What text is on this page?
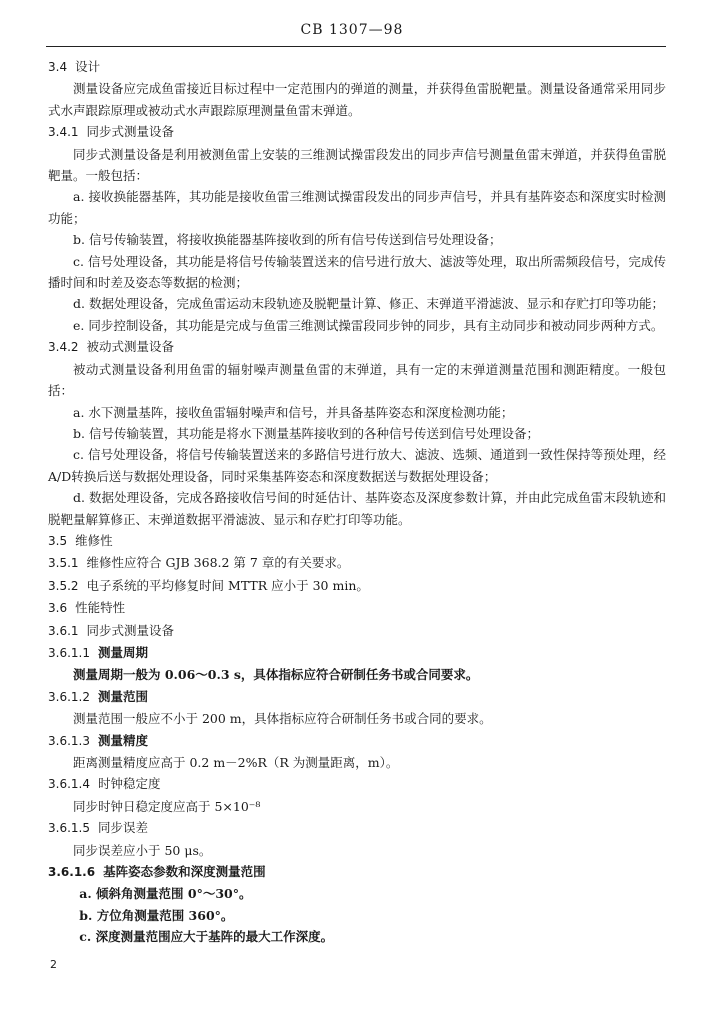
CB 1307—98

3.4 设计

测量设备应完成鱼雷接近目标过程中一定范围内的弹道的测量，并获得鱼雷脱靶量。测量设备通常采用同步式水声跟踪原理或被动式水声跟踪原理测量鱼雷末弹道。

3.4.1 同步式测量设备

同步式测量设备是利用被测鱼雷上安装的三维测试操雷段发出的同步声信号测量鱼雷末弹道，并获得鱼雷脱靶量。一般包括：

a. 接收换能器基阵，其功能是接收鱼雷三维测试操雷段发出的同步声信号，并具有基阵姿态和深度实时检测功能；

b. 信号传输装置，将接收换能器基阵接收到的所有信号传送到信号处理设备；

c. 信号处理设备，其功能是将信号传输装置送来的信号进行放大、滤波等处理，取出所需频段信号，完成传播时间和时差及姿态等数据的检测；

d. 数据处理设备，完成鱼雷运动末段轨迹及脱靶量计算、修正、末弹道平滑滤波、显示和存贮打印等功能；

e. 同步控制设备，其功能是完成与鱼雷三维测试操雷段同步钟的同步，具有主动同步和被动同步两种方式。

3.4.2 被动式测量设备

被动式测量设备利用鱼雷的辐射噪声测量鱼雷的末弹道，具有一定的末弹道测量范围和测距精度。一般包括：

a. 水下测量基阵，接收鱼雷辐射噪声和信号，并具备基阵姿态和深度检测功能；

b. 信号传输装置，其功能是将水下测量基阵接收到的各种信号传送到信号处理设备；

c. 信号处理设备，将信号传输装置送来的多路信号进行放大、滤波、选频、通道到一致性保持等预处理，经A/D转换后送与数据处理设备，同时采集基阵姿态和深度数据送与数据处理设备；

d. 数据处理设备，完成各路接收信号间的时延估计、基阵姿态及深度参数计算，并由此完成鱼雷末段轨迹和脱靶量解算修正、末弹道数据平滑滤波、显示和存贮打印等功能。

3.5 维修性

3.5.1 维修性应符合 GJB 368.2 第 7 章的有关要求。

3.5.2 电子系统的平均修复时间 MTTR 应小于 30 min。

3.6 性能特性

3.6.1 同步式测量设备

3.6.1.1 测量周期

测量周期一般为 0.06～0.3 s，具体指标应符合研制任务书或合同要求。

3.6.1.2 测量范围

测量范围一般应不小于 200 m，具体指标应符合研制任务书或合同的要求。

3.6.1.3 测量精度

距离测量精度应高于 0.2 m－2%R（R 为测量距离，m）。

3.6.1.4 时钟稳定度

同步时钟日稳定度应高于 5×10⁻⁸

3.6.1.5 同步误差

同步误差应小于 50 μs。

3.6.1.6 基阵姿态参数和深度测量范围

a. 倾斜角测量范围 0°～30°。

b. 方位角测量范围 360°。

c. 深度测量范围应大于基阵的最大工作深度。

2
